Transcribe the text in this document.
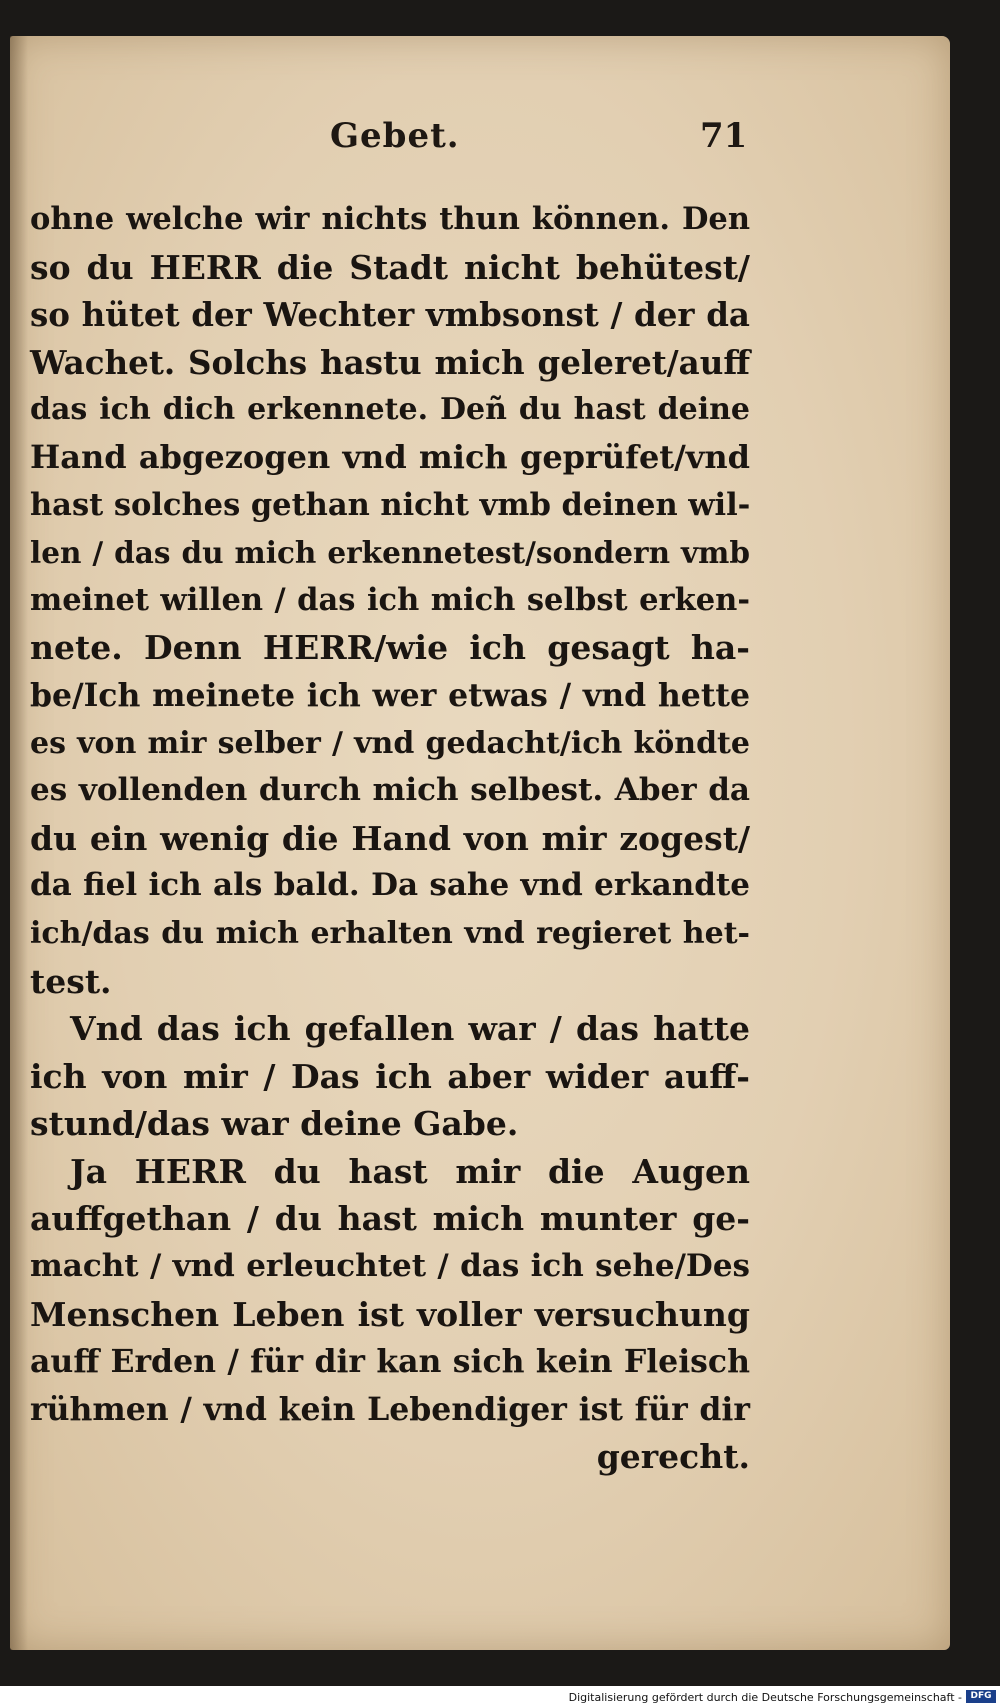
Gebet.	71
ohne welche wir nichts thun können. Den
so du HERR die Stadt nicht behütest/
so hütet der Wechter vmbsonst / der da
Wachet. Solchs hastu mich geleret/auff
das ich dich erkennete. Deñ du hast deine
Hand abgezogen vnd mich geprüfet/vnd
hast solches gethan nicht vmb deinen wil-
len / das du mich erkennetest/sondern vmb
meinet willen / das ich mich selbst erken-
nete. Denn HERR/wie ich gesagt ha-
be/Ich meinete ich wer etwas / vnd hette
es von mir selber / vnd gedacht/ich köndte
es vollenden durch mich selbest. Aber da
du ein wenig die Hand von mir zogest/
da fiel ich als bald. Da sahe vnd erkandte
ich/das du mich erhalten vnd regieret het-
test.
Vnd das ich gefallen war / das hatte
ich von mir / Das ich aber wider auff-
stund/das war deine Gabe.
Ja HERR du hast mir die Augen
auffgethan / du hast mich munter ge-
macht / vnd erleuchtet / das ich sehe/Des
Menschen Leben ist voller versuchung
auff Erden / für dir kan sich kein Fleisch
rühmen / vnd kein Lebendiger ist für dir
gerecht.
Digitalisierung gefördert durch die Deutsche Forschungsgemeinschaft - DFG
